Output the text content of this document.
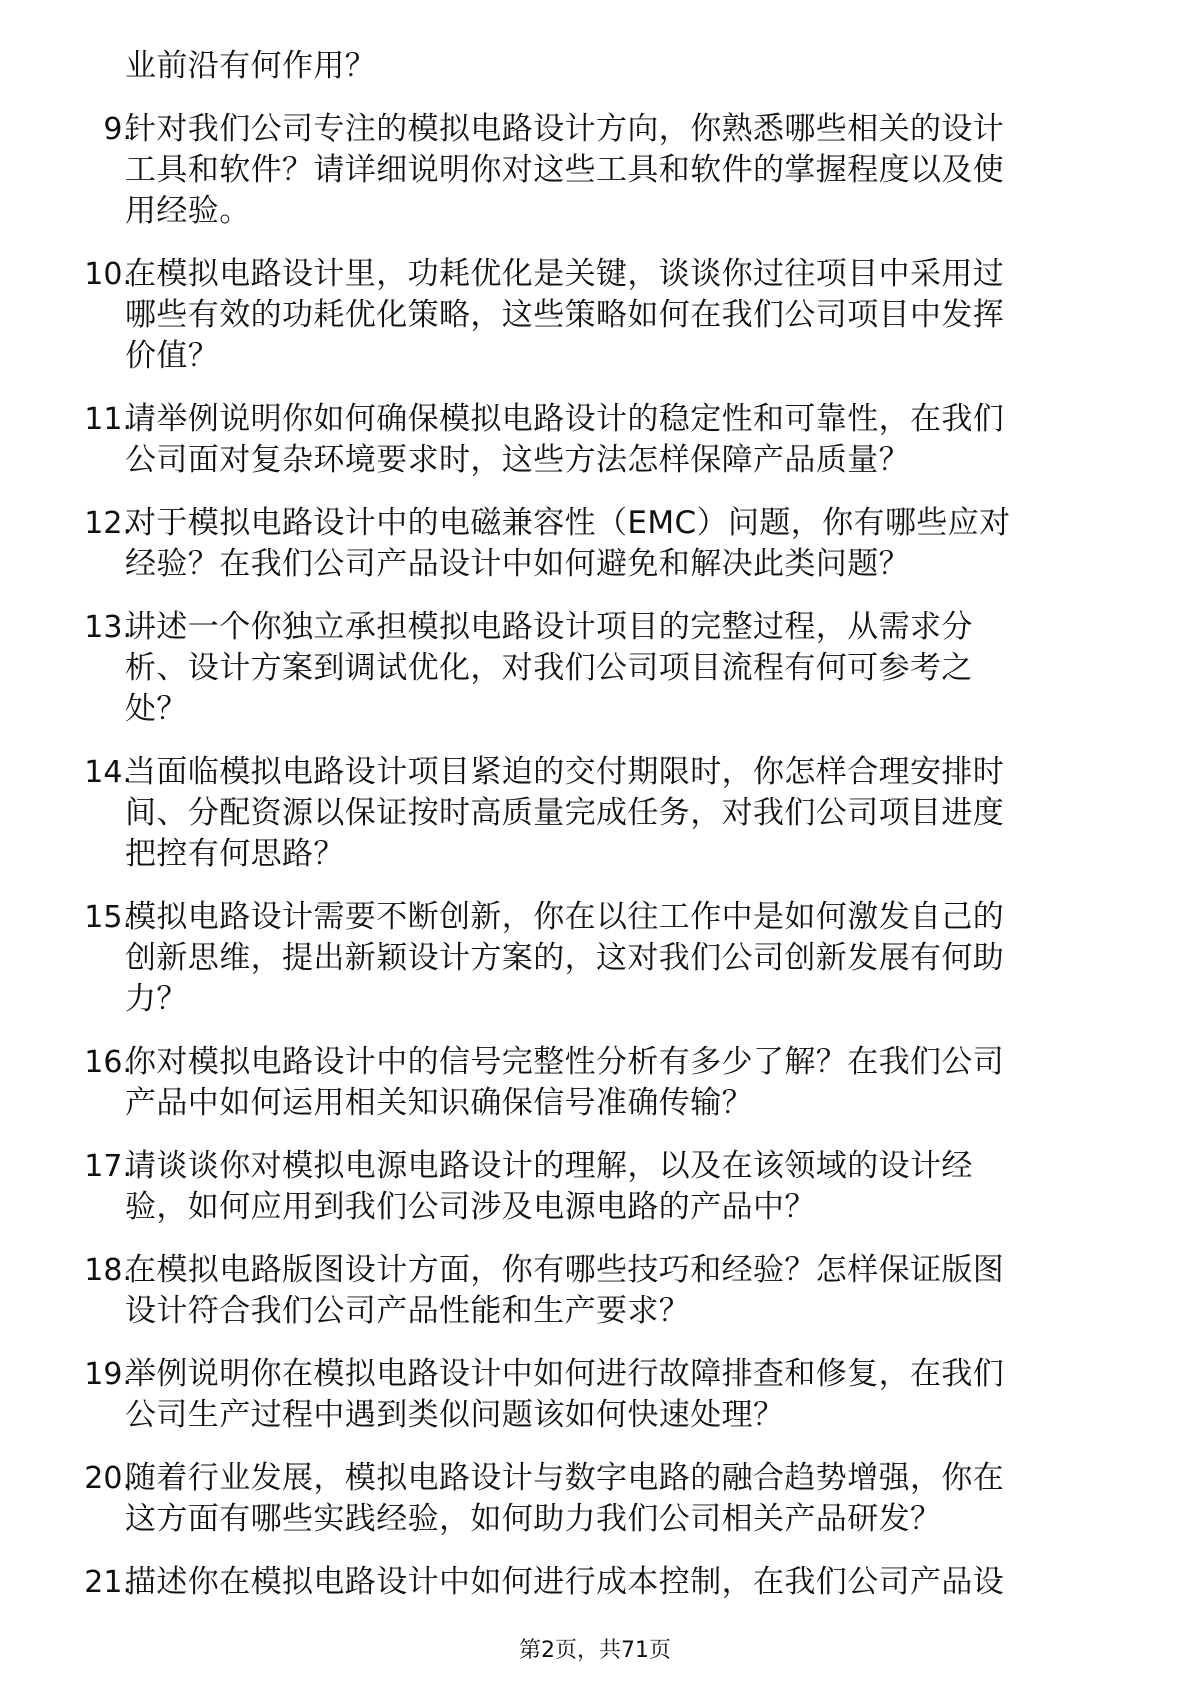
业前沿有何作用？
9.
针对我们公司专注的模拟电路设计方向，你熟悉哪些相关的设计
工具和软件？请详细说明你对这些工具和软件的掌握程度以及使
用经验。
10.
在模拟电路设计里，功耗优化是关键，谈谈你过往项目中采用过
哪些有效的功耗优化策略，这些策略如何在我们公司项目中发挥
价值？
11.
请举例说明你如何确保模拟电路设计的稳定性和可靠性，在我们
公司面对复杂环境要求时，这些方法怎样保障产品质量？
12.
对于模拟电路设计中的电磁兼容性（EMC）问题，你有哪些应对
经验？在我们公司产品设计中如何避免和解决此类问题？
13.
讲述一个你独立承担模拟电路设计项目的完整过程，从需求分
析、设计方案到调试优化，对我们公司项目流程有何可参考之
处？
14.
当面临模拟电路设计项目紧迫的交付期限时，你怎样合理安排时
间、分配资源以保证按时高质量完成任务，对我们公司项目进度
把控有何思路？
15.
模拟电路设计需要不断创新，你在以往工作中是如何激发自己的
创新思维，提出新颖设计方案的，这对我们公司创新发展有何助
力？
16.
你对模拟电路设计中的信号完整性分析有多少了解？在我们公司
产品中如何运用相关知识确保信号准确传输？
17.
请谈谈你对模拟电源电路设计的理解，以及在该领域的设计经
验，如何应用到我们公司涉及电源电路的产品中？
18.
在模拟电路版图设计方面，你有哪些技巧和经验？怎样保证版图
设计符合我们公司产品性能和生产要求？
19.
举例说明你在模拟电路设计中如何进行故障排查和修复，在我们
公司生产过程中遇到类似问题该如何快速处理？
20.
随着行业发展，模拟电路设计与数字电路的融合趋势增强，你在
这方面有哪些实践经验，如何助力我们公司相关产品研发？
21.
描述你在模拟电路设计中如何进行成本控制，在我们公司产品设
第2页，共71页
